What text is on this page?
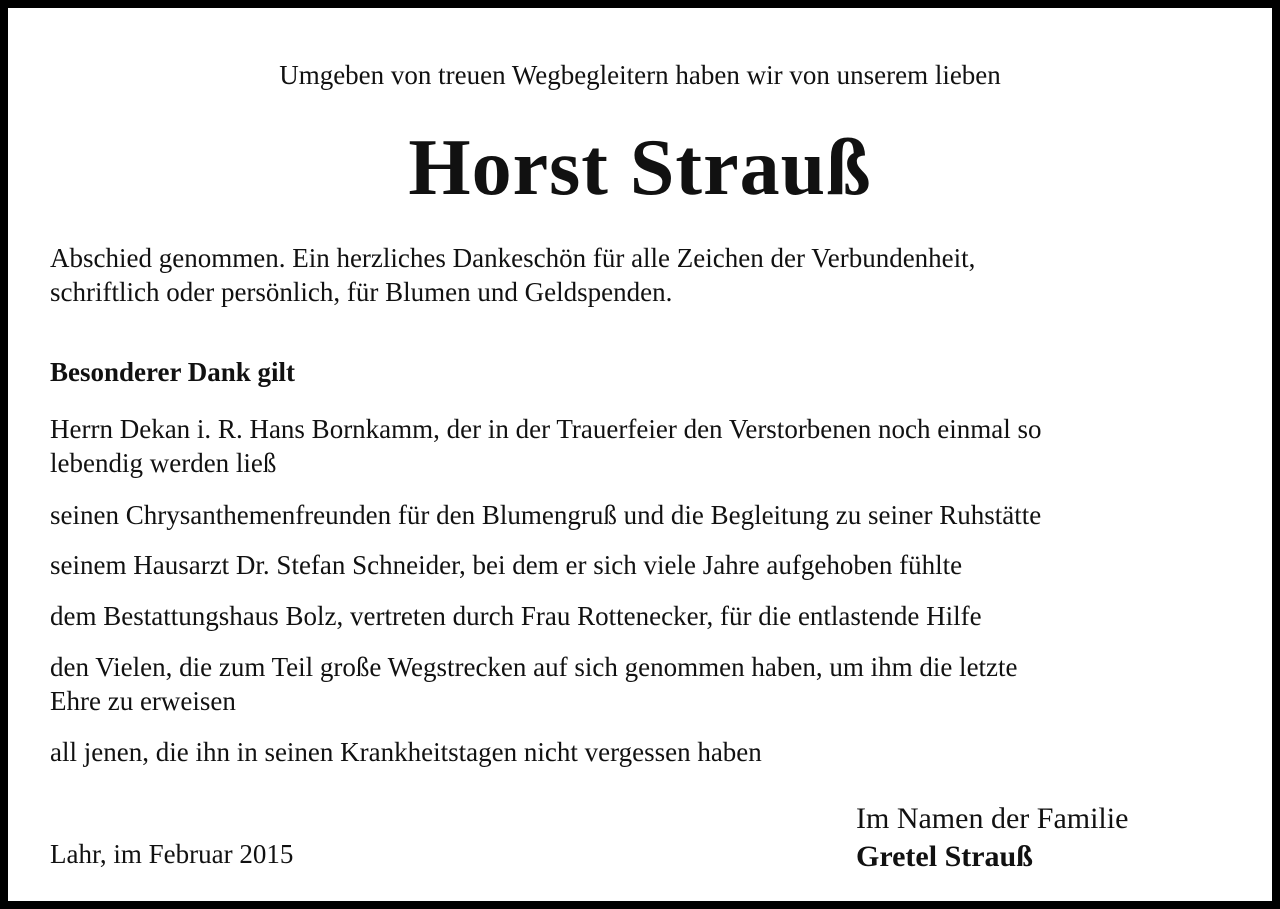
Umgeben von treuen Wegbegleitern haben wir von unserem lieben
Horst Strauß
Abschied genommen. Ein herzliches Dankeschön für alle Zeichen der Verbundenheit,
schriftlich oder persönlich, für Blumen und Geldspenden.
Besonderer Dank gilt
Herrn Dekan i. R. Hans Bornkamm, der in der Trauerfeier den Verstorbenen noch einmal so
lebendig werden ließ
seinen Chrysanthemenfreunden für den Blumengruß und die Begleitung zu seiner Ruhstätte
seinem Hausarzt Dr. Stefan Schneider, bei dem er sich viele Jahre aufgehoben fühlte
dem Bestattungshaus Bolz, vertreten durch Frau Rottenecker, für die entlastende Hilfe
den Vielen, die zum Teil große Wegstrecken auf sich genommen haben, um ihm die letzte
Ehre zu erweisen
all jenen, die ihn in seinen Krankheitstagen nicht vergessen haben
Lahr, im Februar 2015
Im Namen der Familie
Gretel Strauß
